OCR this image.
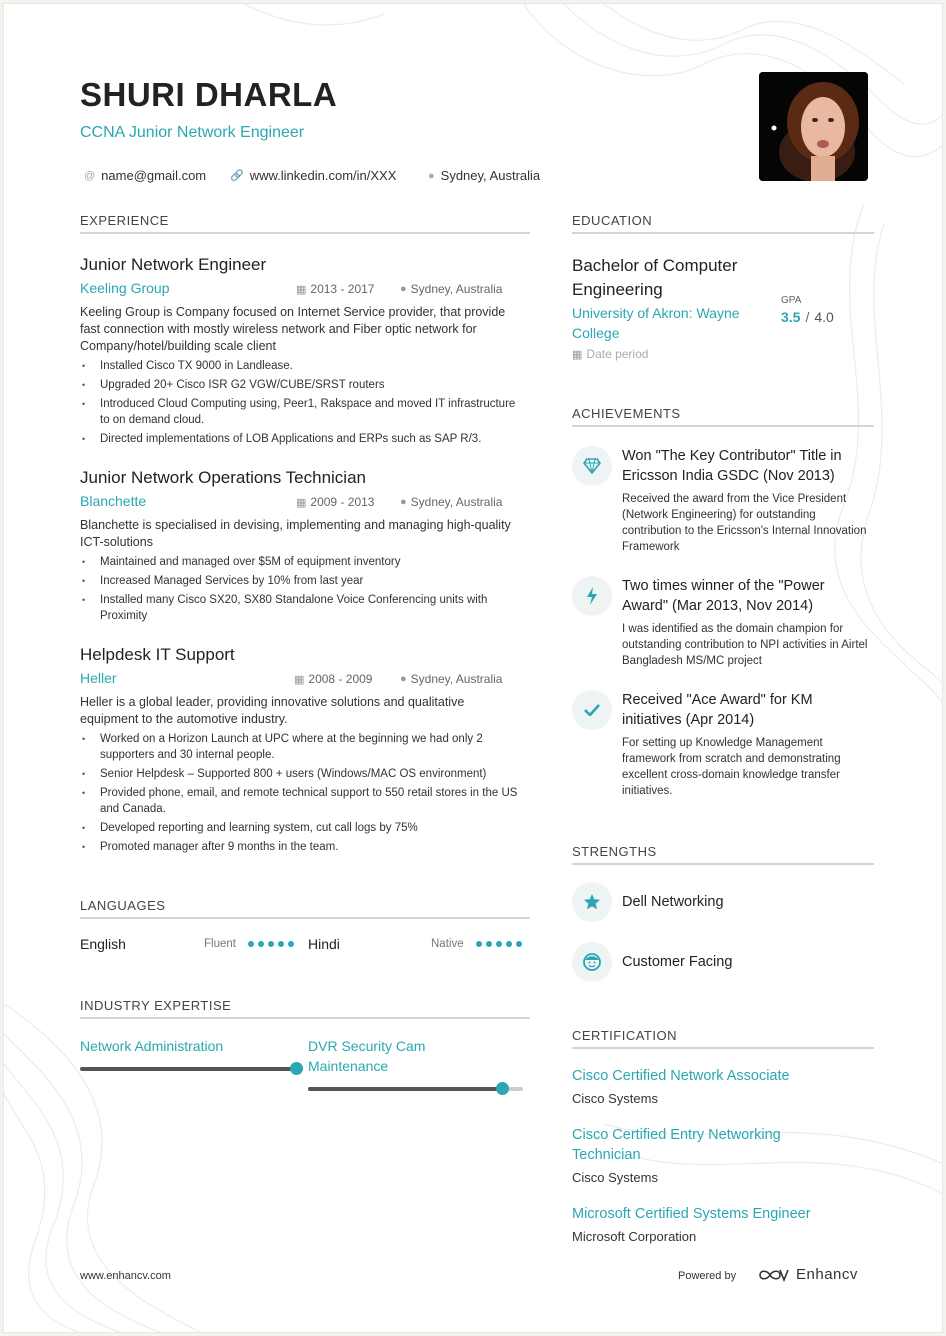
SHURI DHARLA
CCNA Junior Network Engineer
@ name@gmail.com 🔗 www.linkedin.com/in/XXX	● Sydney, Australia
EXPERIENCE
Junior Network Engineer
Keeling Group	▦ 2013 - 2017 ● Sydney, Australia
Keeling Group is Company focused on Internet Service provider, that provide fast connection with mostly wireless network and Fiber optic network for Company/hotel/building scale client
• Installed Cisco TX 9000 in Landlease.
• Upgraded 20+ Cisco ISR G2 VGW/CUBE/SRST routers
• Introduced Cloud Computing using, Peer1, Rakspace and moved IT infrastructure to on demand cloud.
• Directed implementations of LOB Applications and ERPs such as SAP R/3.
Junior Network Operations Technician
Blanchette	▦ 2009 - 2013 ● Sydney, Australia
Blanchette is specialised in devising, implementing and managing high-quality ICT-solutions
• Maintained and managed over $5M of equipment inventory
• Increased Managed Services by 10% from last year
• Installed many Cisco SX20, SX80 Standalone Voice Conferencing units with Proximity
Helpdesk IT Support
Heller	▦ 2008 - 2009	● Sydney, Australia
Heller is a global leader, providing innovative solutions and qualitative equipment to the automotive industry.
• Worked on a Horizon Launch at UPC where at the beginning we had only 2 supporters and 30 internal people.
• Senior Helpdesk – Supported 800 + users (Windows/MAC OS environment)
• Provided phone, email, and remote technical support to 550 retail stores in the US and Canada.
• Developed reporting and learning system, cut call logs by 75%
• Promoted manager after 9 months in the team.
LANGUAGES
English	Fluent	Hindi	Native
INDUSTRY EXPERTISE
Network Administration	DVR Security Cam Maintenance
EDUCATION
Bachelor of Computer Engineering
University of Akron: Wayne College
▦ Date period
GPA
3.5 / 4.0
ACHIEVEMENTS
Won "The Key Contributor" Title in Ericsson India GSDC (Nov 2013)
Received the award from the Vice President (Network Engineering) for outstanding contribution to the Ericsson's Internal Innovation Framework
Two times winner of the "Power Award" (Mar 2013, Nov 2014)
I was identified as the domain champion for outstanding contribution to NPI activities in Airtel Bangladesh MS/MC project
Received "Ace Award" for KM initiatives (Apr 2014)
For setting up Knowledge Management framework from scratch and demonstrating excellent cross-domain knowledge transfer initiatives.
STRENGTHS
Dell Networking
Customer Facing
CERTIFICATION
Cisco Certified Network Associate
Cisco Systems
Cisco Certified Entry Networking Technician
Cisco Systems
Microsoft Certified Systems Engineer
Microsoft Corporation
www.enhancv.com	Powered by	Enhancv
